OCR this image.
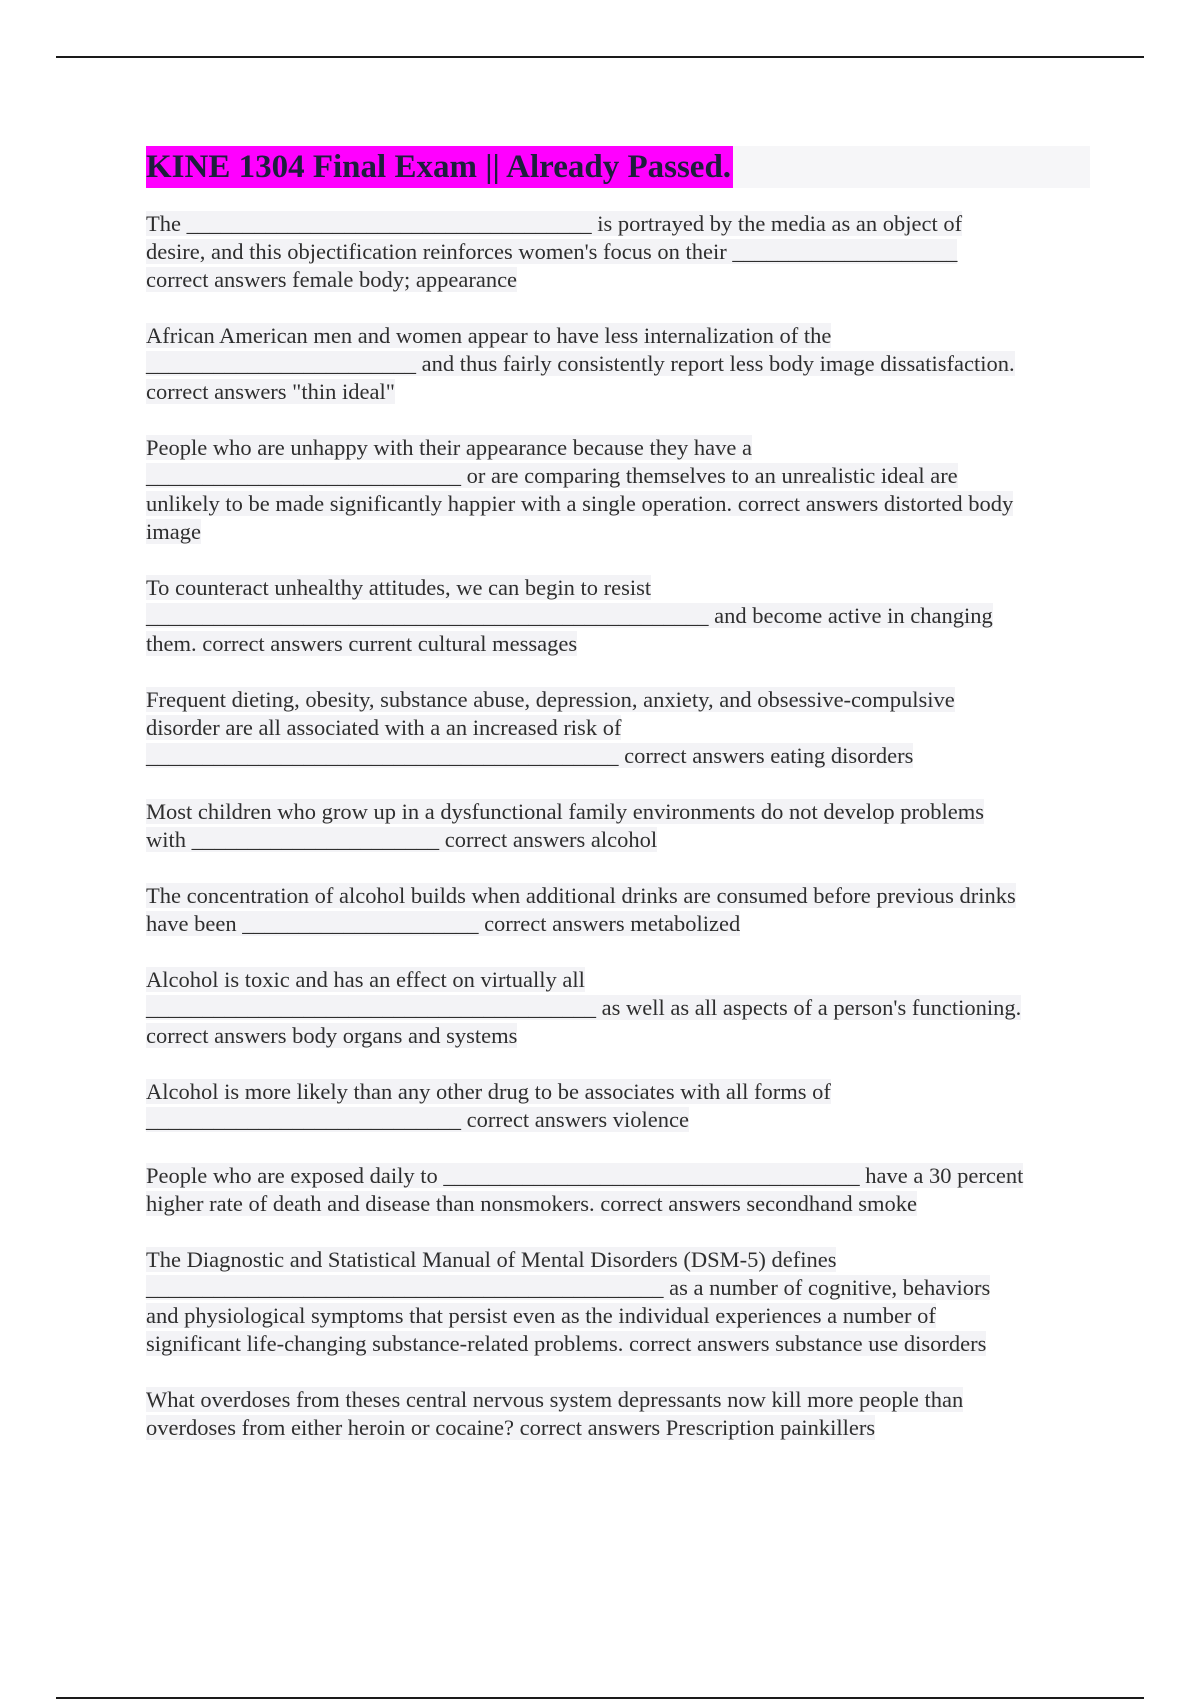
KINE 1304 Final Exam || Already Passed.
The ____________________________________ is portrayed by the media as an object of
desire, and this objectification reinforces women's focus on their ____________________
correct answers female body; appearance
African American men and women appear to have less internalization of the
________________________ and thus fairly consistently report less body image dissatisfaction.
correct answers "thin ideal"
People who are unhappy with their appearance because they have a
____________________________ or are comparing themselves to an unrealistic ideal are
unlikely to be made significantly happier with a single operation. correct answers distorted body
image
To counteract unhealthy attitudes, we can begin to resist
__________________________________________________ and become active in changing
them. correct answers current cultural messages
Frequent dieting, obesity, substance abuse, depression, anxiety, and obsessive-compulsive
disorder are all associated with a an increased risk of
__________________________________________ correct answers eating disorders
Most children who grow up in a dysfunctional family environments do not develop problems
with ______________________ correct answers alcohol
The concentration of alcohol builds when additional drinks are consumed before previous drinks
have been _____________________ correct answers metabolized
Alcohol is toxic and has an effect on virtually all
________________________________________ as well as all aspects of a person's functioning.
correct answers body organs and systems
Alcohol is more likely than any other drug to be associates with all forms of
____________________________ correct answers violence
People who are exposed daily to _____________________________________ have a 30 percent
higher rate of death and disease than nonsmokers. correct answers secondhand smoke
The Diagnostic and Statistical Manual of Mental Disorders (DSM-5) defines
______________________________________________ as a number of cognitive, behaviors
and physiological symptoms that persist even as the individual experiences a number of
significant life-changing substance-related problems. correct answers substance use disorders
What overdoses from theses central nervous system depressants now kill more people than
overdoses from either heroin or cocaine? correct answers Prescription painkillers
